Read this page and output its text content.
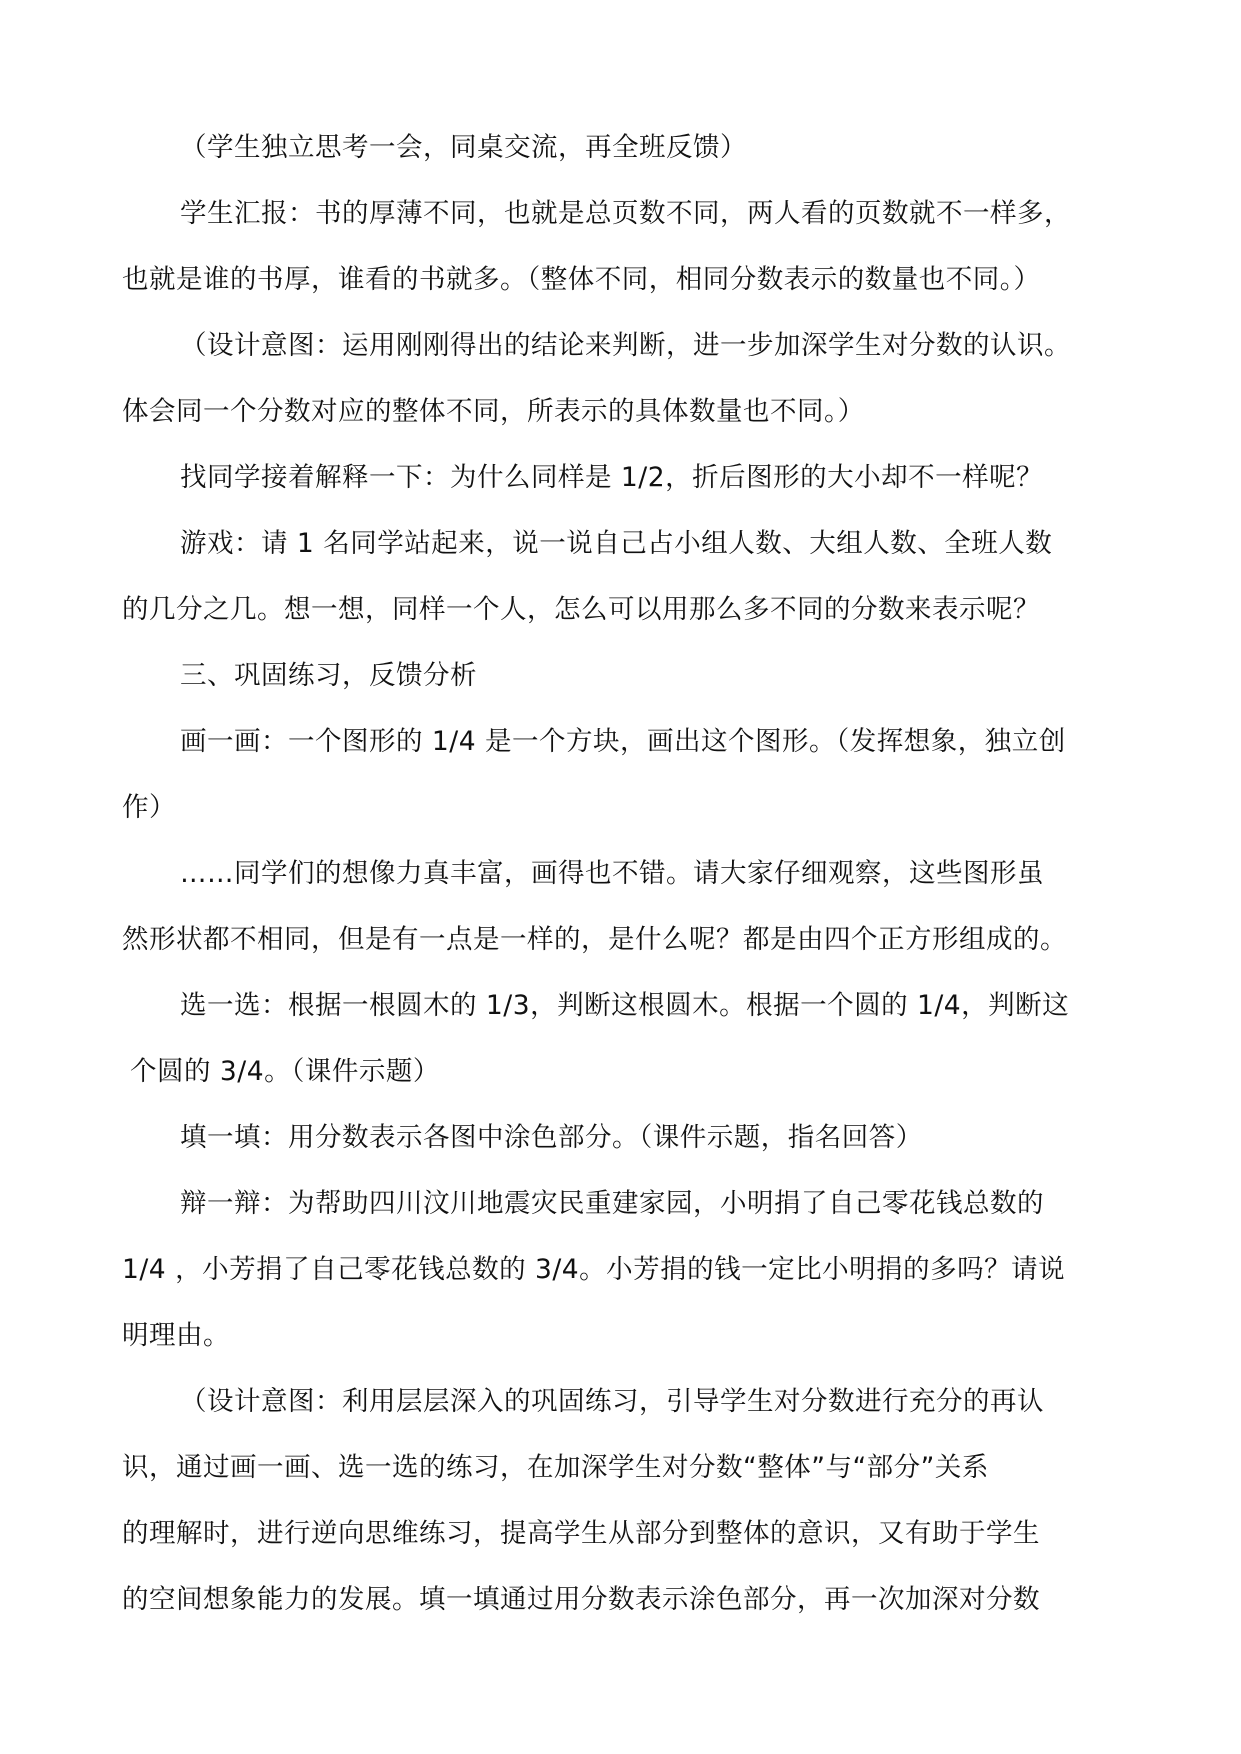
（学生独立思考一会，同桌交流，再全班反馈）
学生汇报：书的厚薄不同，也就是总页数不同，两人看的页数就不一样多，
也就是谁的书厚，谁看的书就多。（整体不同，相同分数表示的数量也不同。）
（设计意图：运用刚刚得出的结论来判断，进一步加深学生对分数的认识。
体会同一个分数对应的整体不同，所表示的具体数量也不同。）
找同学接着解释一下：为什么同样是 1/2，折后图形的大小却不一样呢？
游戏：请 1 名同学站起来，说一说自己占小组人数、大组人数、全班人数
的几分之几。想一想，同样一个人，怎么可以用那么多不同的分数来表示呢？
三、巩固练习，反馈分析
画一画：一个图形的 1/4 是一个方块，画出这个图形。（发挥想象，独立创
作）
……同学们的想像力真丰富，画得也不错。请大家仔细观察，这些图形虽
然形状都不相同，但是有一点是一样的，是什么呢？都是由四个正方形组成的。
选一选：根据一根圆木的 1/3，判断这根圆木。根据一个圆的 1/4，判断这
个圆的 3/4。（课件示题）
填一填：用分数表示各图中涂色部分。（课件示题，指名回答）
辩一辩：为帮助四川汶川地震灾民重建家园，小明捐了自己零花钱总数的
1/4 ，小芳捐了自己零花钱总数的 3/4。小芳捐的钱一定比小明捐的多吗？请说
明理由。
（设计意图：利用层层深入的巩固练习，引导学生对分数进行充分的再认
识，通过画一画、选一选的练习，在加深学生对分数“整体”与“部分”关系
的理解时，进行逆向思维练习，提高学生从部分到整体的意识，又有助于学生
的空间想象能力的发展。填一填通过用分数表示涂色部分，再一次加深对分数
